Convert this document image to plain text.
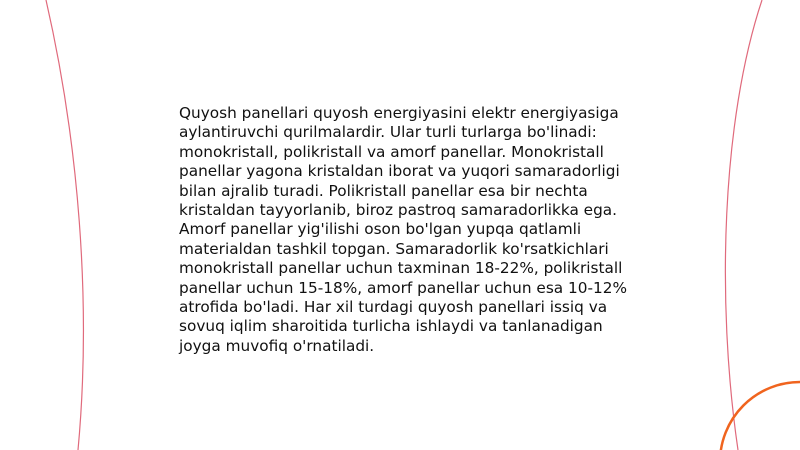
Quyosh panellari quyosh energiyasini elektr energiyasiga aylantiruvchi qurilmalardir. Ular turli turlarga bo'linadi: monokristall, polikristall va amorf panellar. Monokristall panellar yagona kristaldan iborat va yuqori samaradorligi bilan ajralib turadi. Polikristall panellar esa bir nechta kristaldan tayyorlanib, biroz pastroq samaradorlikka ega. Amorf panellar yig'ilishi oson bo'lgan yupqa qatlamli materialdan tashkil topgan. Samaradorlik ko'rsatkichlari monokristall panellar uchun taxminan 18-22%, polikristall panellar uchun 15-18%, amorf panellar uchun esa 10-12% atrofida bo'ladi. Har xil turdagi quyosh panellari issiq va sovuq iqlim sharoitida turlicha ishlaydi va tanlanadigan joyga muvofiq o'rnatiladi.
